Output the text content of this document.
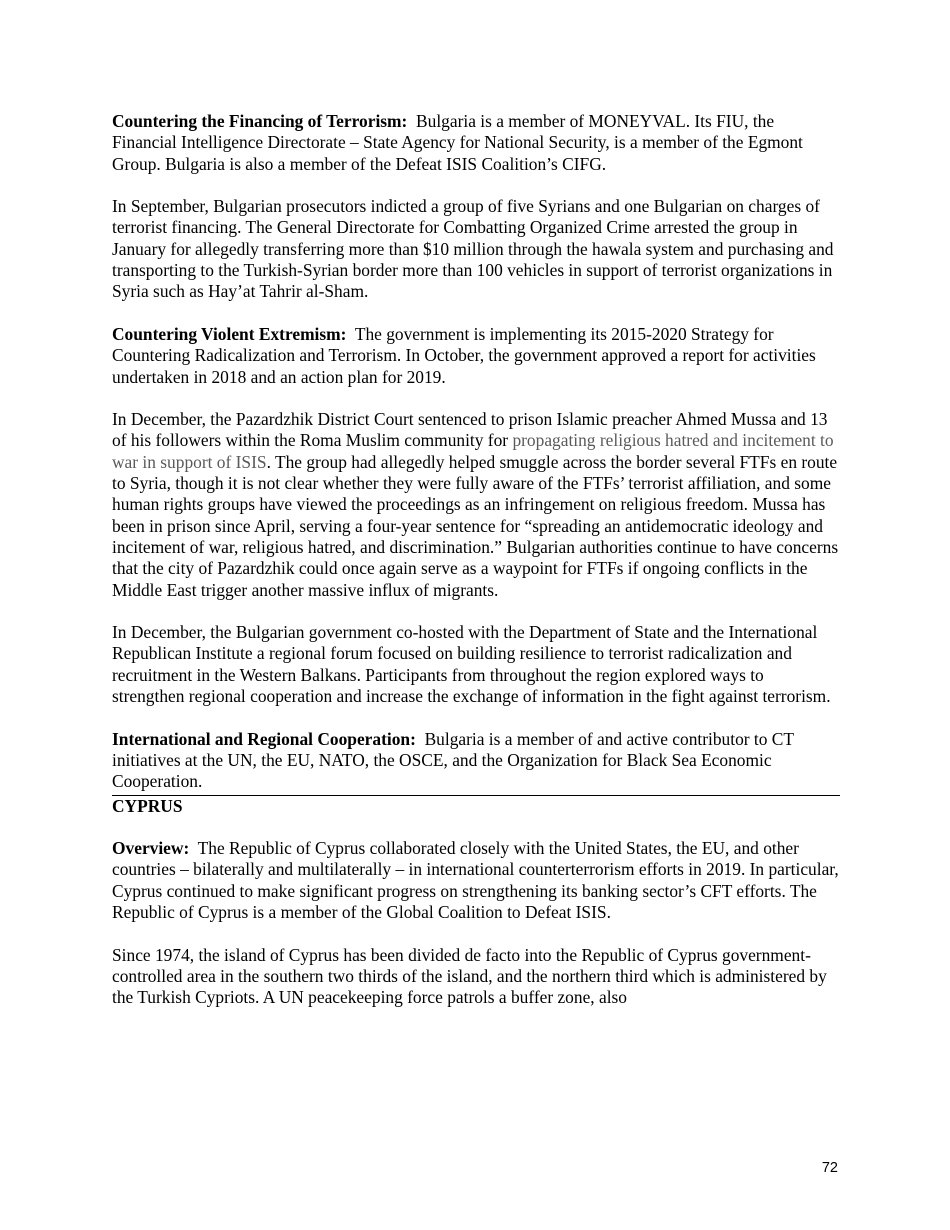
Countering the Financing of Terrorism: Bulgaria is a member of MONEYVAL. Its FIU, the Financial Intelligence Directorate – State Agency for National Security, is a member of the Egmont Group. Bulgaria is also a member of the Defeat ISIS Coalition’s CIFG.

In September, Bulgarian prosecutors indicted a group of five Syrians and one Bulgarian on charges of terrorist financing. The General Directorate for Combatting Organized Crime arrested the group in January for allegedly transferring more than $10 million through the hawala system and purchasing and transporting to the Turkish-Syrian border more than 100 vehicles in support of terrorist organizations in Syria such as Hay’at Tahrir al-Sham.

Countering Violent Extremism: The government is implementing its 2015-2020 Strategy for Countering Radicalization and Terrorism. In October, the government approved a report for activities undertaken in 2018 and an action plan for 2019.

In December, the Pazardzhik District Court sentenced to prison Islamic preacher Ahmed Mussa and 13 of his followers within the Roma Muslim community for propagating religious hatred and incitement to war in support of ISIS. The group had allegedly helped smuggle across the border several FTFs en route to Syria, though it is not clear whether they were fully aware of the FTFs’ terrorist affiliation, and some human rights groups have viewed the proceedings as an infringement on religious freedom. Mussa has been in prison since April, serving a four-year sentence for “spreading an antidemocratic ideology and incitement of war, religious hatred, and discrimination.” Bulgarian authorities continue to have concerns that the city of Pazardzhik could once again serve as a waypoint for FTFs if ongoing conflicts in the Middle East trigger another massive influx of migrants.

In December, the Bulgarian government co-hosted with the Department of State and the International Republican Institute a regional forum focused on building resilience to terrorist radicalization and recruitment in the Western Balkans. Participants from throughout the region explored ways to strengthen regional cooperation and increase the exchange of information in the fight against terrorism.

International and Regional Cooperation: Bulgaria is a member of and active contributor to CT initiatives at the UN, the EU, NATO, the OSCE, and the Organization for Black Sea Economic Cooperation.

CYPRUS

Overview: The Republic of Cyprus collaborated closely with the United States, the EU, and other countries – bilaterally and multilaterally – in international counterterrorism efforts in 2019. In particular, Cyprus continued to make significant progress on strengthening its banking sector’s CFT efforts. The Republic of Cyprus is a member of the Global Coalition to Defeat ISIS.

Since 1974, the island of Cyprus has been divided de facto into the Republic of Cyprus government-controlled area in the southern two thirds of the island, and the northern third which is administered by the Turkish Cypriots. A UN peacekeeping force patrols a buffer zone, also

72
